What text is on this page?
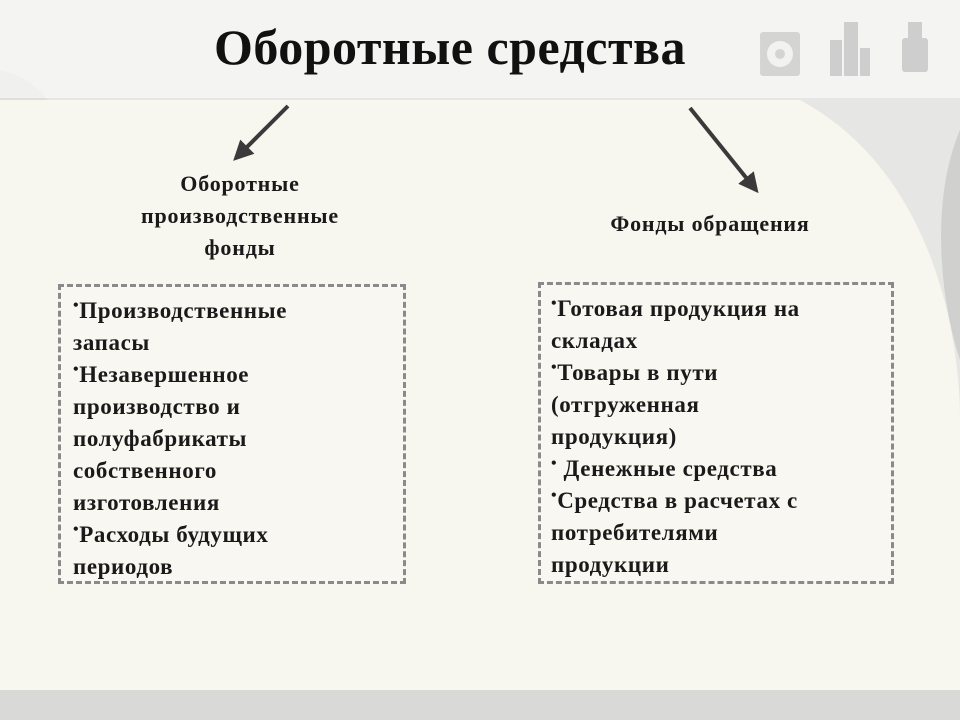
Оборотные средства
Оборотные
производственные
фонды
Фонды обращения
•Производственные
запасы
•Незавершенное
производство и
полуфабрикаты
собственного
изготовления
•Расходы будущих
периодов
•Готовая продукция на
складах
•Товары в пути
(отгруженная
продукция)
• Денежные средства
•Средства в расчетах с
потребителями
продукции
